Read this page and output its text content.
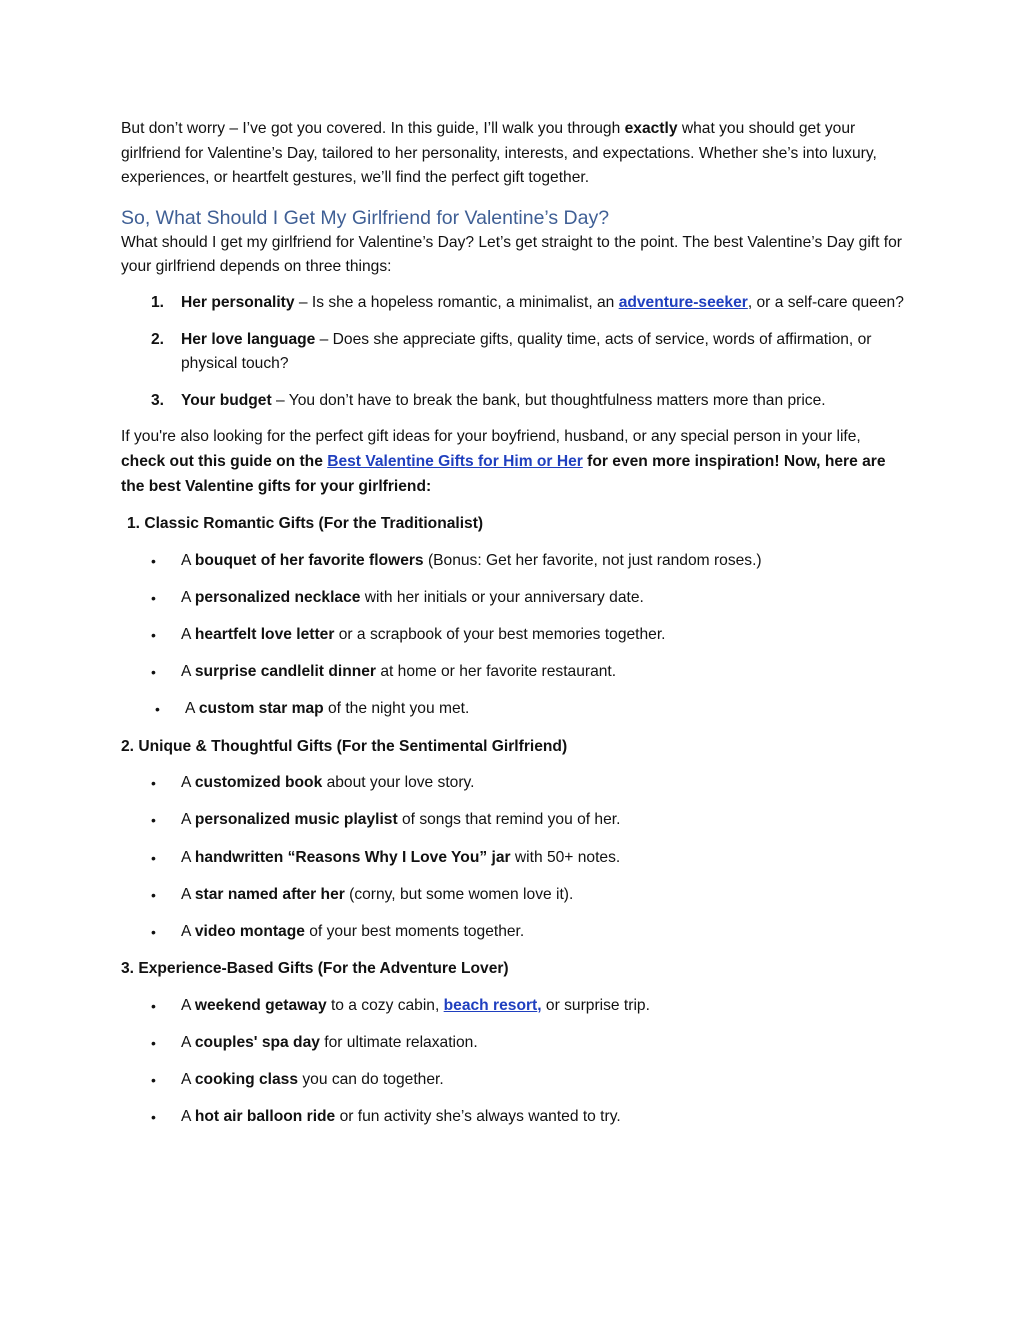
But don’t worry – I’ve got you covered. In this guide, I’ll walk you through exactly what you should get your girlfriend for Valentine’s Day, tailored to her personality, interests, and expectations. Whether she’s into luxury, experiences, or heartfelt gestures, we’ll find the perfect gift together.

So, What Should I Get My Girlfriend for Valentine’s Day?

What should I get my girlfriend for Valentine’s Day? Let’s get straight to the point. The best Valentine’s Day gift for your girlfriend depends on three things:

1. Her personality – Is she a hopeless romantic, a minimalist, an adventure-seeker, or a self-care queen?
2. Her love language – Does she appreciate gifts, quality time, acts of service, words of affirmation, or physical touch?
3. Your budget – You don’t have to break the bank, but thoughtfulness matters more than price.

If you're also looking for the perfect gift ideas for your boyfriend, husband, or any special person in your life, check out this guide on the Best Valentine Gifts for Him or Her for even more inspiration! Now, here are the best Valentine gifts for your girlfriend:

1. Classic Romantic Gifts (For the Traditionalist)

• A bouquet of her favorite flowers (Bonus: Get her favorite, not just random roses.)
• A personalized necklace with her initials or your anniversary date.
• A heartfelt love letter or a scrapbook of your best memories together.
• A surprise candlelit dinner at home or her favorite restaurant.
• A custom star map of the night you met.

2. Unique & Thoughtful Gifts (For the Sentimental Girlfriend)

• A customized book about your love story.
• A personalized music playlist of songs that remind you of her.
• A handwritten “Reasons Why I Love You” jar with 50+ notes.
• A star named after her (corny, but some women love it).
• A video montage of your best moments together.

3. Experience-Based Gifts (For the Adventure Lover)

• A weekend getaway to a cozy cabin, beach resort, or surprise trip.
• A couples' spa day for ultimate relaxation.
• A cooking class you can do together.
• A hot air balloon ride or fun activity she’s always wanted to try.
